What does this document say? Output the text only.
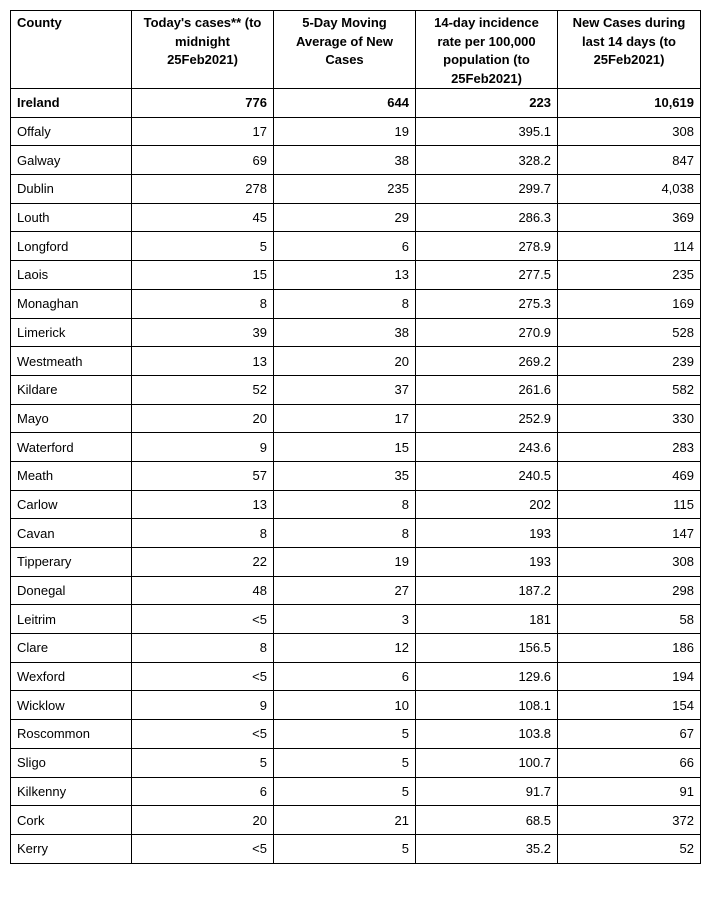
County	Today's cases** (to midnight 25Feb2021)	5-Day Moving Average of New Cases	14-day incidence rate per 100,000 population (to 25Feb2021)	New Cases during last 14 days (to 25Feb2021)
Ireland	776	644	223	10,619
Offaly	17	19	395.1	308
Galway	69	38	328.2	847
Dublin	278	235	299.7	4,038
Louth	45	29	286.3	369
Longford	5	6	278.9	114
Laois	15	13	277.5	235
Monaghan	8	8	275.3	169
Limerick	39	38	270.9	528
Westmeath	13	20	269.2	239
Kildare	52	37	261.6	582
Mayo	20	17	252.9	330
Waterford	9	15	243.6	283
Meath	57	35	240.5	469
Carlow	13	8	202	115
Cavan	8	8	193	147
Tipperary	22	19	193	308
Donegal	48	27	187.2	298
Leitrim	<5	3	181	58
Clare	8	12	156.5	186
Wexford	<5	6	129.6	194
Wicklow	9	10	108.1	154
Roscommon	<5	5	103.8	67
Sligo	5	5	100.7	66
Kilkenny	6	5	91.7	91
Cork	20	21	68.5	372
Kerry	<5	5	35.2	52
